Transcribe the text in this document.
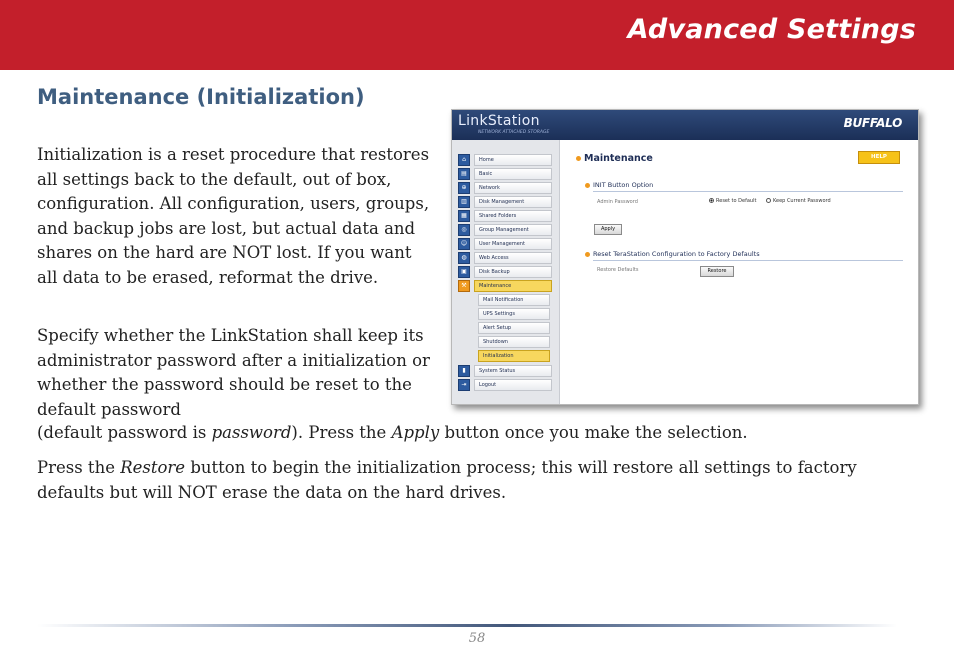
Advanced Settings
Maintenance (Initialization)
Initialization is a reset procedure that restores all settings back to the default, out of box, configuration. All configuration, users, groups, and backup jobs are lost, but actual data and shares on the hard are NOT lost. If you want all data to be erased, reformat the drive.
Specify whether the LinkStation shall keep its administrator password after a initialization or whether the password should be reset to the default password
(default password is password). Press the Apply button once you make the selection.
Press the Restore button to begin the initialization process; this will restore all settings to factory defaults but will NOT erase the data on the hard drives.
LinkStation
NETWORK ATTACHED STORAGE
BUFFALO
⌂	Home
▤	Basic
⊕	Network
▥	Disk Management
▦	Shared Folders
◎	Group Management
☺	User Management
◍	Web Access
▣	Disk Backup
⚒	Maintenance
Mail Notification
UPS Settings
Alert Setup
Shutdown
Initialization
▮	System Status
⇥	Logout
Maintenance	HELP
INIT Button Option
Admin Password	Reset to Default	Keep Current Password
Apply
Reset TeraStation Configuration to Factory Defaults
Restore Defaults	Restore
58
